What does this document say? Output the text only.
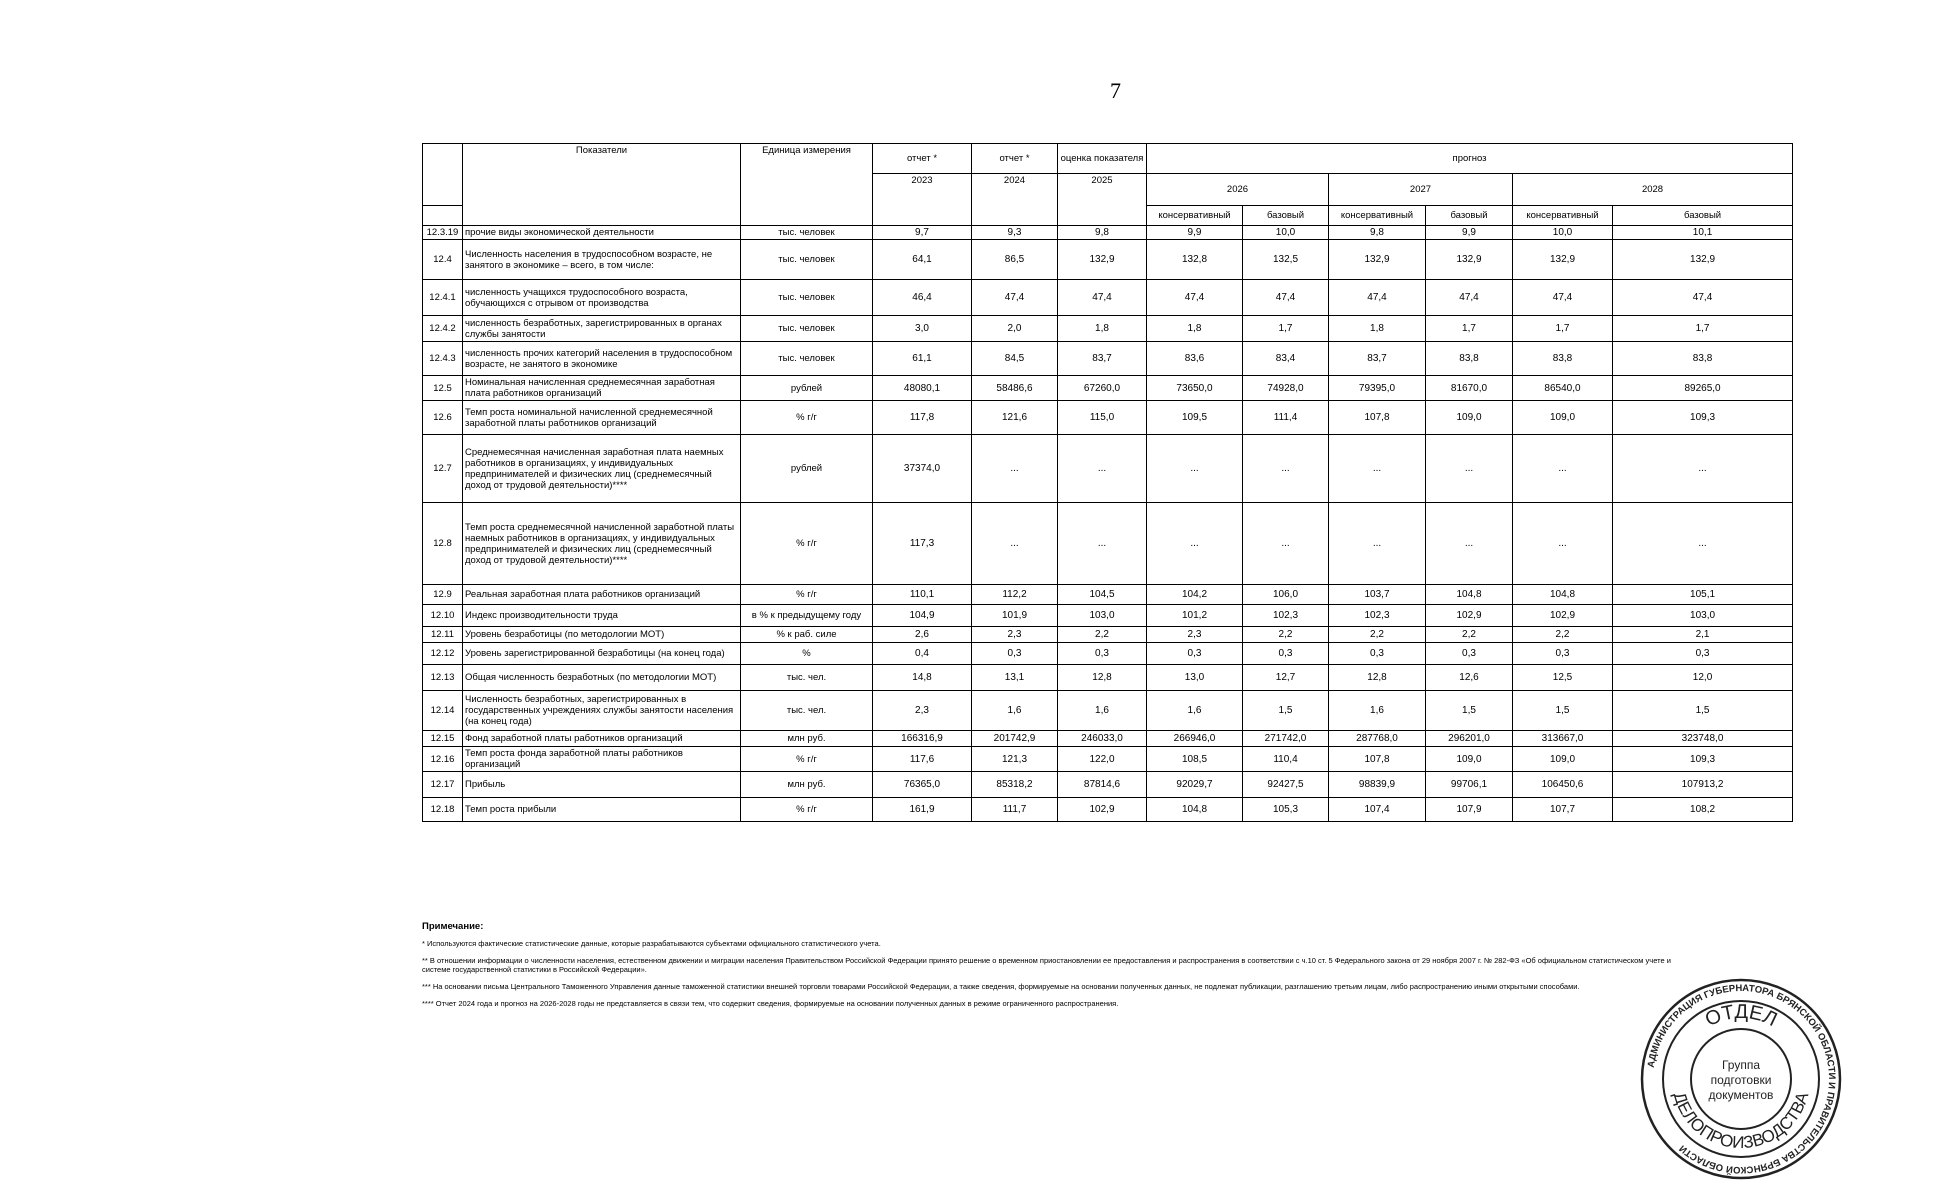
7
	Показатели	Единица измерения	отчет *	отчет *	оценка показателя	прогноз					
			2023	2024	2025	2026		2027		2028	
						консервативный	базовый	консервативный	базовый	консервативный	базовый
12.3.19	прочие виды экономической деятельности	тыс. человек	9,7	9,3	9,8	9,9	10,0	9,8	9,9	10,0	10,1
12.4	Численность населения в трудоспособном возрасте, не занятого в экономике – всего, в том числе:	тыс. человек	64,1	86,5	132,9	132,8	132,5	132,9	132,9	132,9	132,9
12.4.1	численность учащихся трудоспособного возраста, обучающихся с отрывом от производства	тыс. человек	46,4	47,4	47,4	47,4	47,4	47,4	47,4	47,4	47,4
12.4.2	численность безработных, зарегистрированных в органах службы занятости	тыс. человек	3,0	2,0	1,8	1,8	1,7	1,8	1,7	1,7	1,7
12.4.3	численность прочих категорий населения в трудоспособном возрасте, не занятого в экономике	тыс. человек	61,1	84,5	83,7	83,6	83,4	83,7	83,8	83,8	83,8
12.5	Номинальная начисленная среднемесячная заработная плата работников организаций	рублей	48080,1	58486,6	67260,0	73650,0	74928,0	79395,0	81670,0	86540,0	89265,0
12.6	Темп роста номинальной начисленной среднемесячной заработной платы работников организаций	% г/г	117,8	121,6	115,0	109,5	111,4	107,8	109,0	109,0	109,3
12.7	Среднемесячная начисленная заработная плата наемных работников в организациях, у индивидуальных предпринимателей и физических лиц (среднемесячный доход от трудовой деятельности)****	рублей	37374,0	...	...	...	...	...	...	...	...
12.8	Темп роста среднемесячной начисленной заработной платы наемных работников в организациях, у индивидуальных предпринимателей и физических лиц (среднемесячный доход от трудовой деятельности)****	% г/г	117,3	...	...	...	...	...	...	...	...
12.9	Реальная заработная плата работников организаций	% г/г	110,1	112,2	104,5	104,2	106,0	103,7	104,8	104,8	105,1
12.10	Индекс производительности труда	в % к предыдущему году	104,9	101,9	103,0	101,2	102,3	102,3	102,9	102,9	103,0
12.11	Уровень безработицы (по методологии МОТ)	% к раб. силе	2,6	2,3	2,2	2,3	2,2	2,2	2,2	2,2	2,1
12.12	Уровень зарегистрированной безработицы (на конец года)	%	0,4	0,3	0,3	0,3	0,3	0,3	0,3	0,3	0,3
12.13	Общая численность безработных (по методологии МОТ)	тыс. чел.	14,8	13,1	12,8	13,0	12,7	12,8	12,6	12,5	12,0
12.14	Численность безработных, зарегистрированных в государственных учреждениях службы занятости населения (на конец года)	тыс. чел.	2,3	1,6	1,6	1,6	1,5	1,6	1,5	1,5	1,5
12.15	Фонд заработной платы работников организаций	млн руб.	166316,9	201742,9	246033,0	266946,0	271742,0	287768,0	296201,0	313667,0	323748,0
12.16	Темп роста фонда заработной платы работников организаций	% г/г	117,6	121,3	122,0	108,5	110,4	107,8	109,0	109,0	109,3
12.17	Прибыль	млн руб.	76365,0	85318,2	87814,6	92029,7	92427,5	98839,9	99706,1	106450,6	107913,2
12.18	Темп роста прибыли	% г/г	161,9	111,7	102,9	104,8	105,3	107,4	107,9	107,7	108,2
Примечание:

* Используются фактические статистические данные, которые разрабатываются субъектами официального статистического учета.

** В отношении информации о численности населения, естественном движении и миграции населения Правительством Российской Федерации принято решение о временном приостановлении ее предоставления и распространения в соответствии с ч.10 ст. 5 Федерального закона от 29 ноября 2007 г. № 282-ФЗ «Об официальном статистическом учете и системе государственной статистики в Российской Федерации».

*** На основании письма Центрального Таможенного Управления данные таможенной статистики внешней торговли товарами Российской Федерации, а также сведения, формируемые на основании полученных данных, не подлежат публикации, разглашению третьим лицам, либо распространению иными открытыми способами.

**** Отчет 2024 года и прогноз на 2026-2028 годы не представляется в связи тем, что содержит сведения, формируемые на основании полученных данных в режиме ограниченного распространения.

АДМИНИСТРАЦИЯ ГУБЕРНАТОРА БРЯНСКОЙ ОБЛАСТИ И ПРАВИТЕЛЬСТВА БРЯНСКОЙ ОБЛАСТИ
ОТДЕЛ
ДЕЛОПРОИЗВОДСТВА
Группа
подготовки
документов
